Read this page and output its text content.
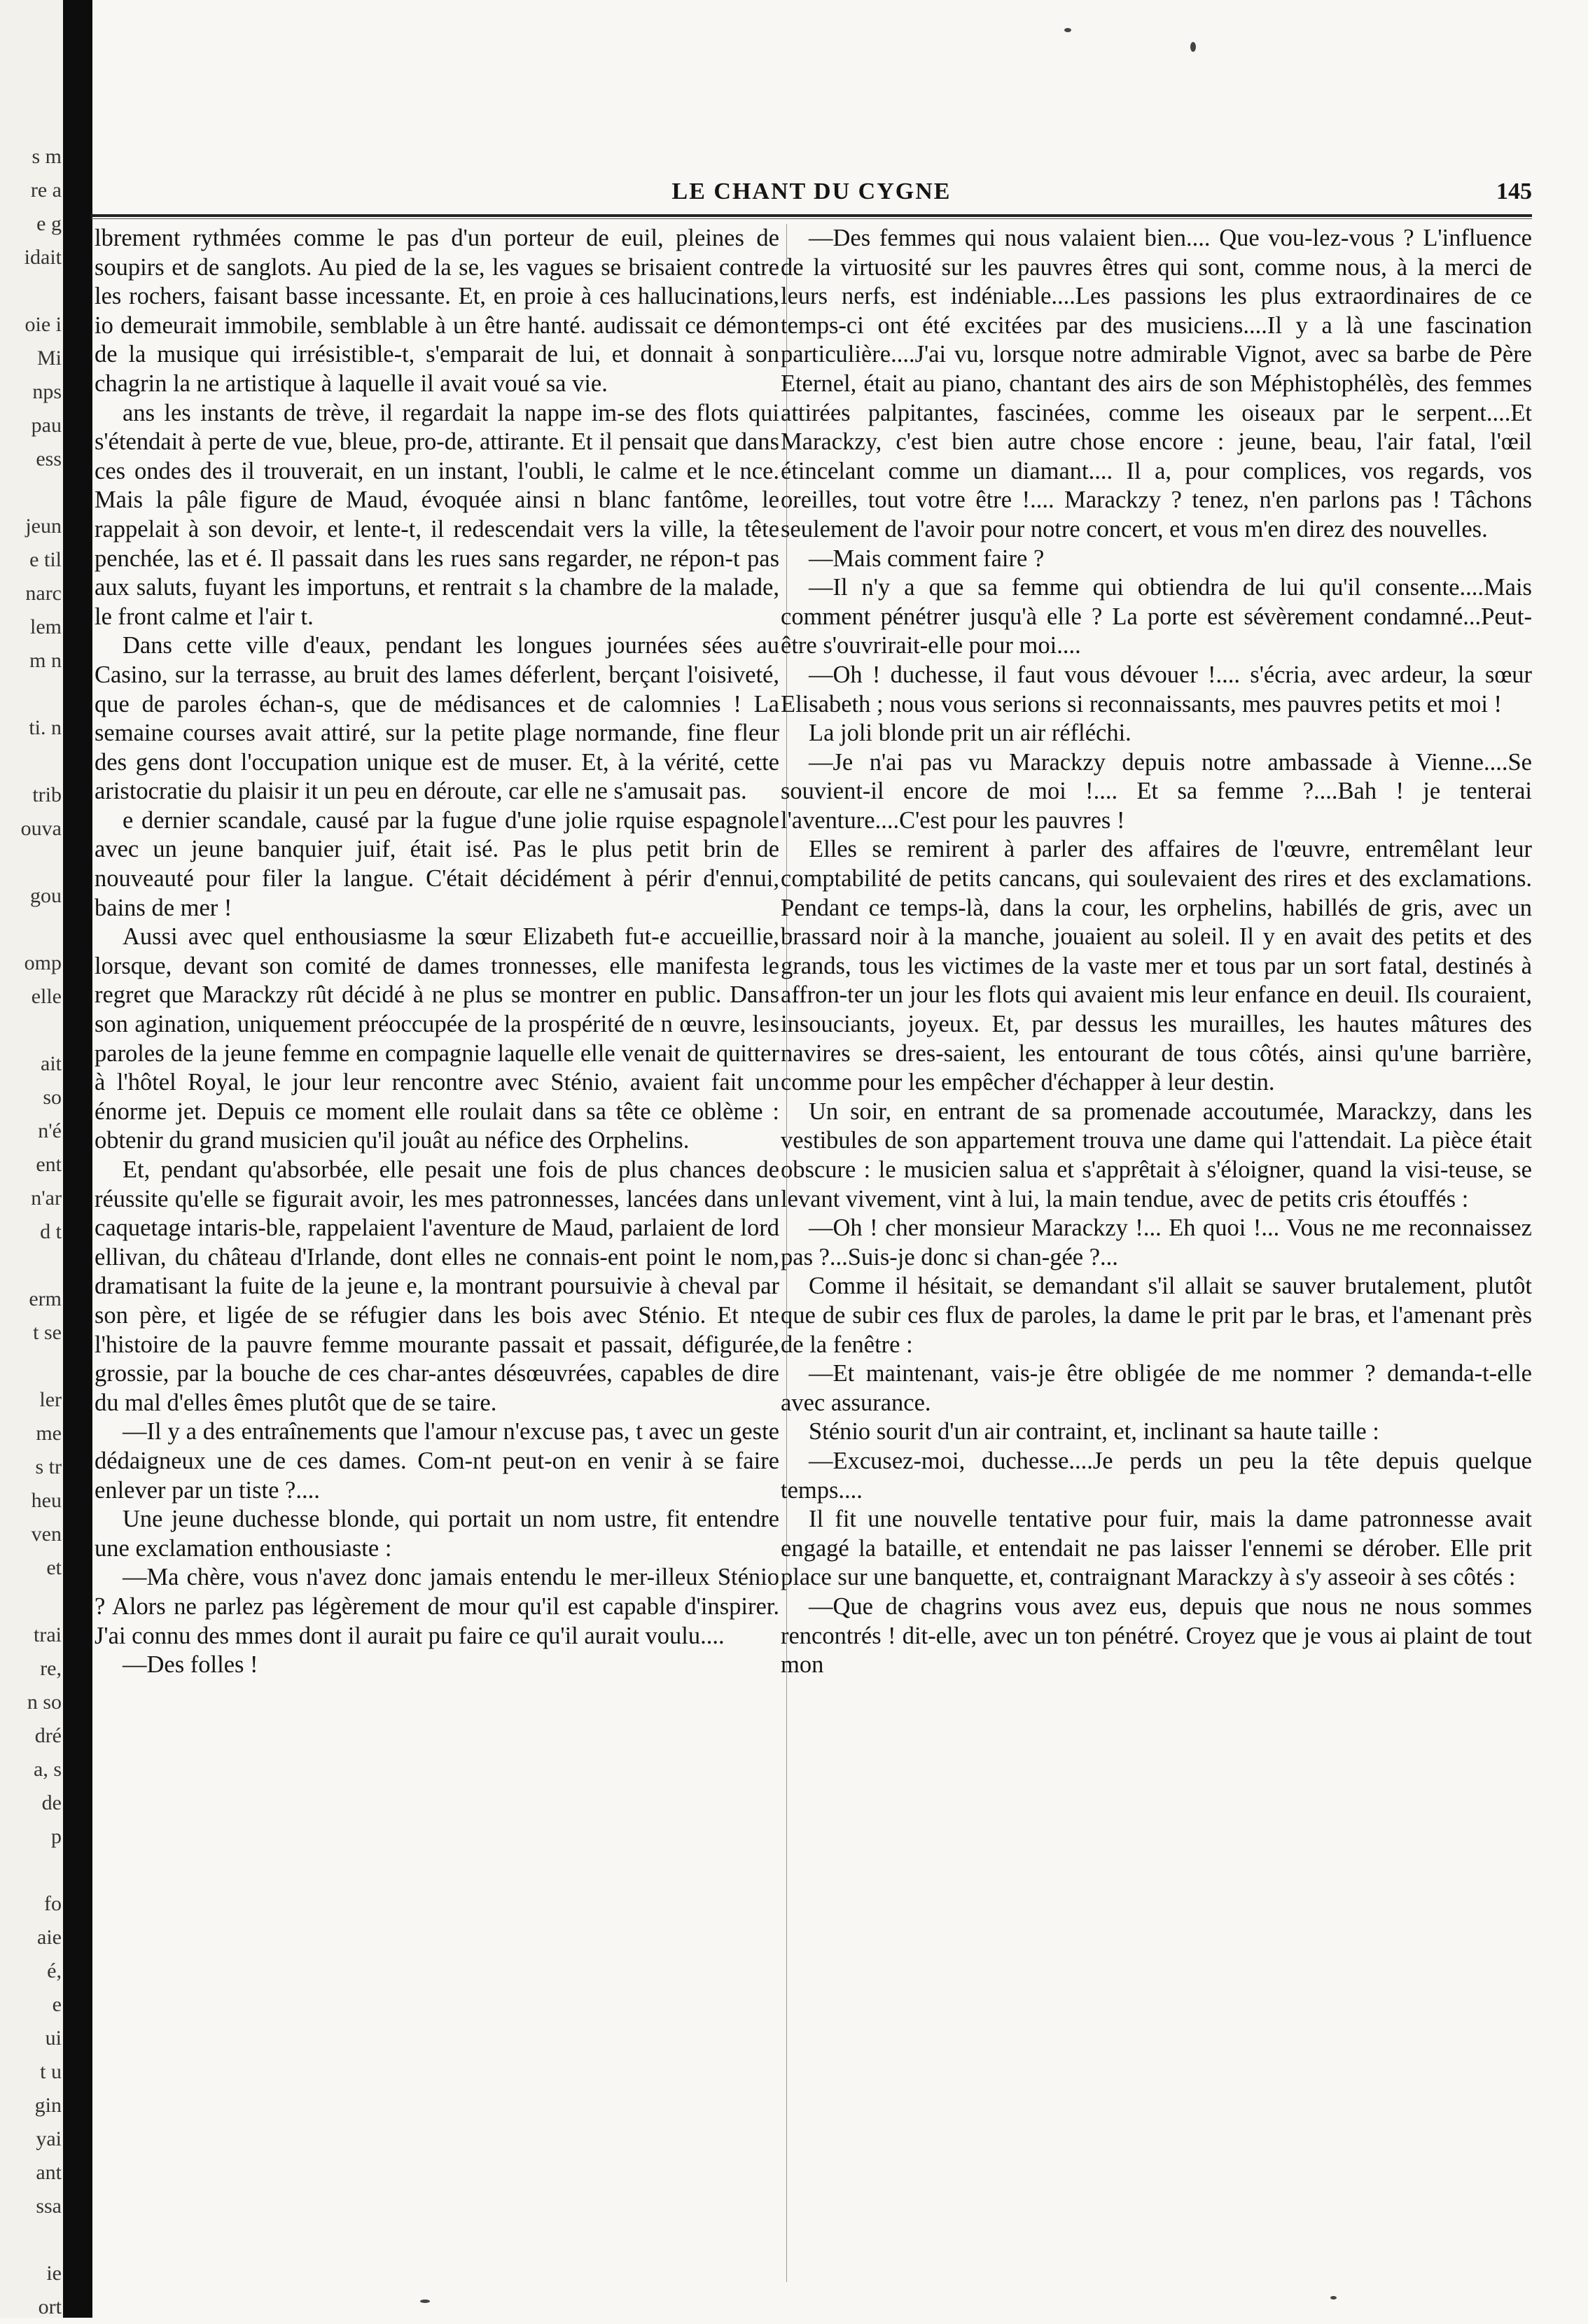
s m
re a
e g
idait
oie i
Mi
nps
pau
ess
jeun
e til
narc
lem
m n
ti. n
trib
ouva
gou
omp
elle
ait
so
n'é
ent
n'ar
d t
erm
t se
ler
me
s tr
heu
ven
et
trai
re,
n so
dré
a, s
de
p
fo
aie
é,
e
ui
t u
gin
yai
ant
ssa
ie
ort
LE CHANT DU CYGNE	145

lbrement rythmées comme le pas d'un porteur de euil, pleines de soupirs et de sanglots. Au pied de la se, les vagues se brisaient contre les rochers, faisant basse incessante. Et, en proie à ces hallucinations, io demeurait immobile, semblable à un être hanté. audissait ce démon de la musique qui irrésistible-t, s'emparait de lui, et donnait à son chagrin la ne artistique à laquelle il avait voué sa vie.

ans les instants de trève, il regardait la nappe im-se des flots qui s'étendait à perte de vue, bleue, pro-de, attirante. Et il pensait que dans ces ondes des il trouverait, en un instant, l'oubli, le calme et le nce. Mais la pâle figure de Maud, évoquée ainsi n blanc fantôme, le rappelait à son devoir, et lente-t, il redescendait vers la ville, la tête penchée, las et é. Il passait dans les rues sans regarder, ne répon-t pas aux saluts, fuyant les importuns, et rentrait s la chambre de la malade, le front calme et l'air t.

Dans cette ville d'eaux, pendant les longues journées sées au Casino, sur la terrasse, au bruit des lames déferlent, berçant l'oisiveté, que de paroles échan-s, que de médisances et de calomnies ! La semaine courses avait attiré, sur la petite plage normande, fine fleur des gens dont l'occupation unique est de muser. Et, à la vérité, cette aristocratie du plaisir it un peu en déroute, car elle ne s'amusait pas.

e dernier scandale, causé par la fugue d'une jolie rquise espagnole avec un jeune banquier juif, était isé. Pas le plus petit brin de nouveauté pour filer la langue. C'était décidément à périr d'ennui, bains de mer !

Aussi avec quel enthousiasme la sœur Elizabeth fut-e accueillie, lorsque, devant son comité de dames tronnesses, elle manifesta le regret que Marackzy rût décidé à ne plus se montrer en public. Dans son agination, uniquement préoccupée de la prospérité de n œuvre, les paroles de la jeune femme en compagnie laquelle elle venait de quitter à l'hôtel Royal, le jour leur rencontre avec Sténio, avaient fait un énorme jet. Depuis ce moment elle roulait dans sa tête ce oblème : obtenir du grand musicien qu'il jouât au néfice des Orphelins.

Et, pendant qu'absorbée, elle pesait une fois de plus chances de réussite qu'elle se figurait avoir, les mes patronnesses, lancées dans un caquetage intaris-ble, rappelaient l'aventure de Maud, parlaient de lord ellivan, du château d'Irlande, dont elles ne connais-ent point le nom, dramatisant la fuite de la jeune e, la montrant poursuivie à cheval par son père, et ligée de se réfugier dans les bois avec Sténio. Et nte l'histoire de la pauvre femme mourante passait et passait, défigurée, grossie, par la bouche de ces char-antes désœuvrées, capables de dire du mal d'elles êmes plutôt que de se taire.

—Il y a des entraînements que l'amour n'excuse pas, t avec un geste dédaigneux une de ces dames. Com-nt peut-on en venir à se faire enlever par un tiste ?....

Une jeune duchesse blonde, qui portait un nom ustre, fit entendre une exclamation enthousiaste :

—Ma chère, vous n'avez donc jamais entendu le mer-illeux Sténio ? Alors ne parlez pas légèrement de mour qu'il est capable d'inspirer. J'ai connu des mmes dont il aurait pu faire ce qu'il aurait voulu....

—Des folles !

—Des femmes qui nous valaient bien.... Que vou-lez-vous ? L'influence de la virtuosité sur les pauvres êtres qui sont, comme nous, à la merci de leurs nerfs, est indéniable....Les passions les plus extraordinaires de ce temps-ci ont été excitées par des musiciens....Il y a là une fascination particulière....J'ai vu, lorsque notre admirable Vignot, avec sa barbe de Père Eternel, était au piano, chantant des airs de son Méphistophélès, des femmes attirées palpitantes, fascinées, comme les oiseaux par le serpent....Et Marackzy, c'est bien autre chose encore : jeune, beau, l'air fatal, l'œil étincelant comme un diamant.... Il a, pour complices, vos regards, vos oreilles, tout votre être !.... Marackzy ? tenez, n'en parlons pas ! Tâchons seulement de l'avoir pour notre concert, et vous m'en direz des nouvelles.

—Mais comment faire ?

—Il n'y a que sa femme qui obtiendra de lui qu'il consente....Mais comment pénétrer jusqu'à elle ? La porte est sévèrement condamné...Peut-être s'ouvrirait-elle pour moi....

—Oh ! duchesse, il faut vous dévouer !.... s'écria, avec ardeur, la sœur Elisabeth ; nous vous serions si reconnaissants, mes pauvres petits et moi !

La joli blonde prit un air réfléchi.

—Je n'ai pas vu Marackzy depuis notre ambassade à Vienne....Se souvient-il encore de moi !.... Et sa femme ?....Bah ! je tenterai l'aventure....C'est pour les pauvres !

Elles se remirent à parler des affaires de l'œuvre, entremêlant leur comptabilité de petits cancans, qui soulevaient des rires et des exclamations. Pendant ce temps-là, dans la cour, les orphelins, habillés de gris, avec un brassard noir à la manche, jouaient au soleil. Il y en avait des petits et des grands, tous les victimes de la vaste mer et tous par un sort fatal, destinés à affron-ter un jour les flots qui avaient mis leur enfance en deuil. Ils couraient, insouciants, joyeux. Et, par dessus les murailles, les hautes mâtures des navires se dres-saient, les entourant de tous côtés, ainsi qu'une barrière, comme pour les empêcher d'échapper à leur destin.

Un soir, en entrant de sa promenade accoutumée, Marackzy, dans les vestibules de son appartement trouva une dame qui l'attendait. La pièce était obscure : le musicien salua et s'apprêtait à s'éloigner, quand la visi-teuse, se levant vivement, vint à lui, la main tendue, avec de petits cris étouffés :

—Oh ! cher monsieur Marackzy !... Eh quoi !... Vous ne me reconnaissez pas ?...Suis-je donc si chan-gée ?...

Comme il hésitait, se demandant s'il allait se sauver brutalement, plutôt que de subir ces flux de paroles, la dame le prit par le bras, et l'amenant près de la fenêtre :

—Et maintenant, vais-je être obligée de me nommer ? demanda-t-elle avec assurance.

Sténio sourit d'un air contraint, et, inclinant sa haute taille :

—Excusez-moi, duchesse....Je perds un peu la tête depuis quelque temps....

Il fit une nouvelle tentative pour fuir, mais la dame patronnesse avait engagé la bataille, et entendait ne pas laisser l'ennemi se dérober. Elle prit place sur une banquette, et, contraignant Marackzy à s'y asseoir à ses côtés :

—Que de chagrins vous avez eus, depuis que nous ne nous sommes rencontrés ! dit-elle, avec un ton pénétré. Croyez que je vous ai plaint de tout mon
